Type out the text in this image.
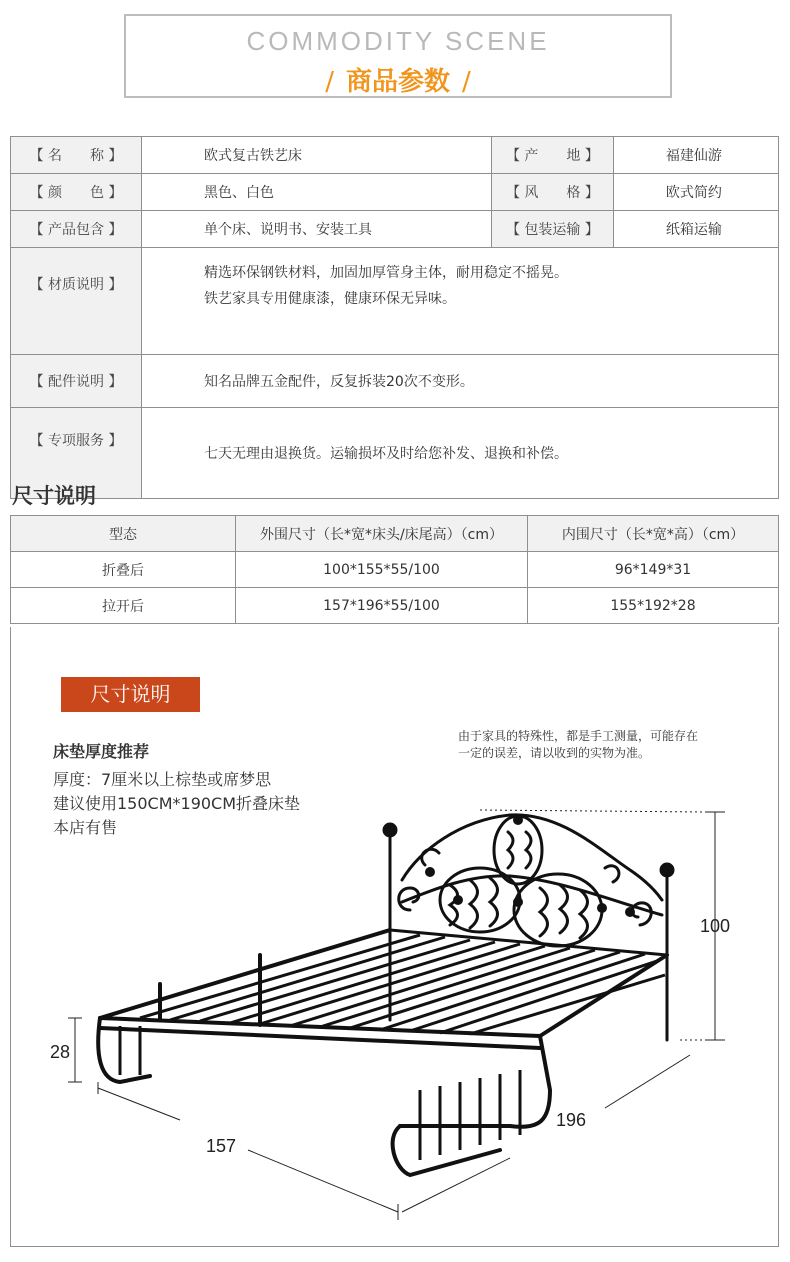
COMMODITY SCENE
/ 商品参数 /
【 名　　称 】	欧式复古铁艺床	【 产　　地 】	福建仙游
【 颜　　色 】	黑色、白色	【 风　　格 】	欧式简约
【 产品包含 】	单个床、说明书、安装工具	【 包装运输 】	纸箱运输
【 材质说明 】	精选环保钢铁材料，加固加厚管身主体，耐用稳定不摇晃。

铁艺家具专用健康漆，健康环保无异味。		

【 配件说明 】	知名品牌五金配件，反复拆装20次不变形。		
【 专项服务 】	七天无理由退换货。运输损坏及时给您补发、退换和补偿。		
尺寸说明
型态	外围尺寸（长*宽*床头/床尾高）（cm）	内围尺寸（长*宽*高）（cm）
折叠后	100*155*55/100	96*149*31
拉开后	157*196*55/100	155*192*28
尺寸说明
由于家具的特殊性，都是手工测量，可能存在
一定的误差，请以收到的实物为准。
床垫厚度推荐
厚度：7厘米以上棕垫或席梦思
建议使用150CM*190CM折叠床垫
本店有售
100
28
157
196
